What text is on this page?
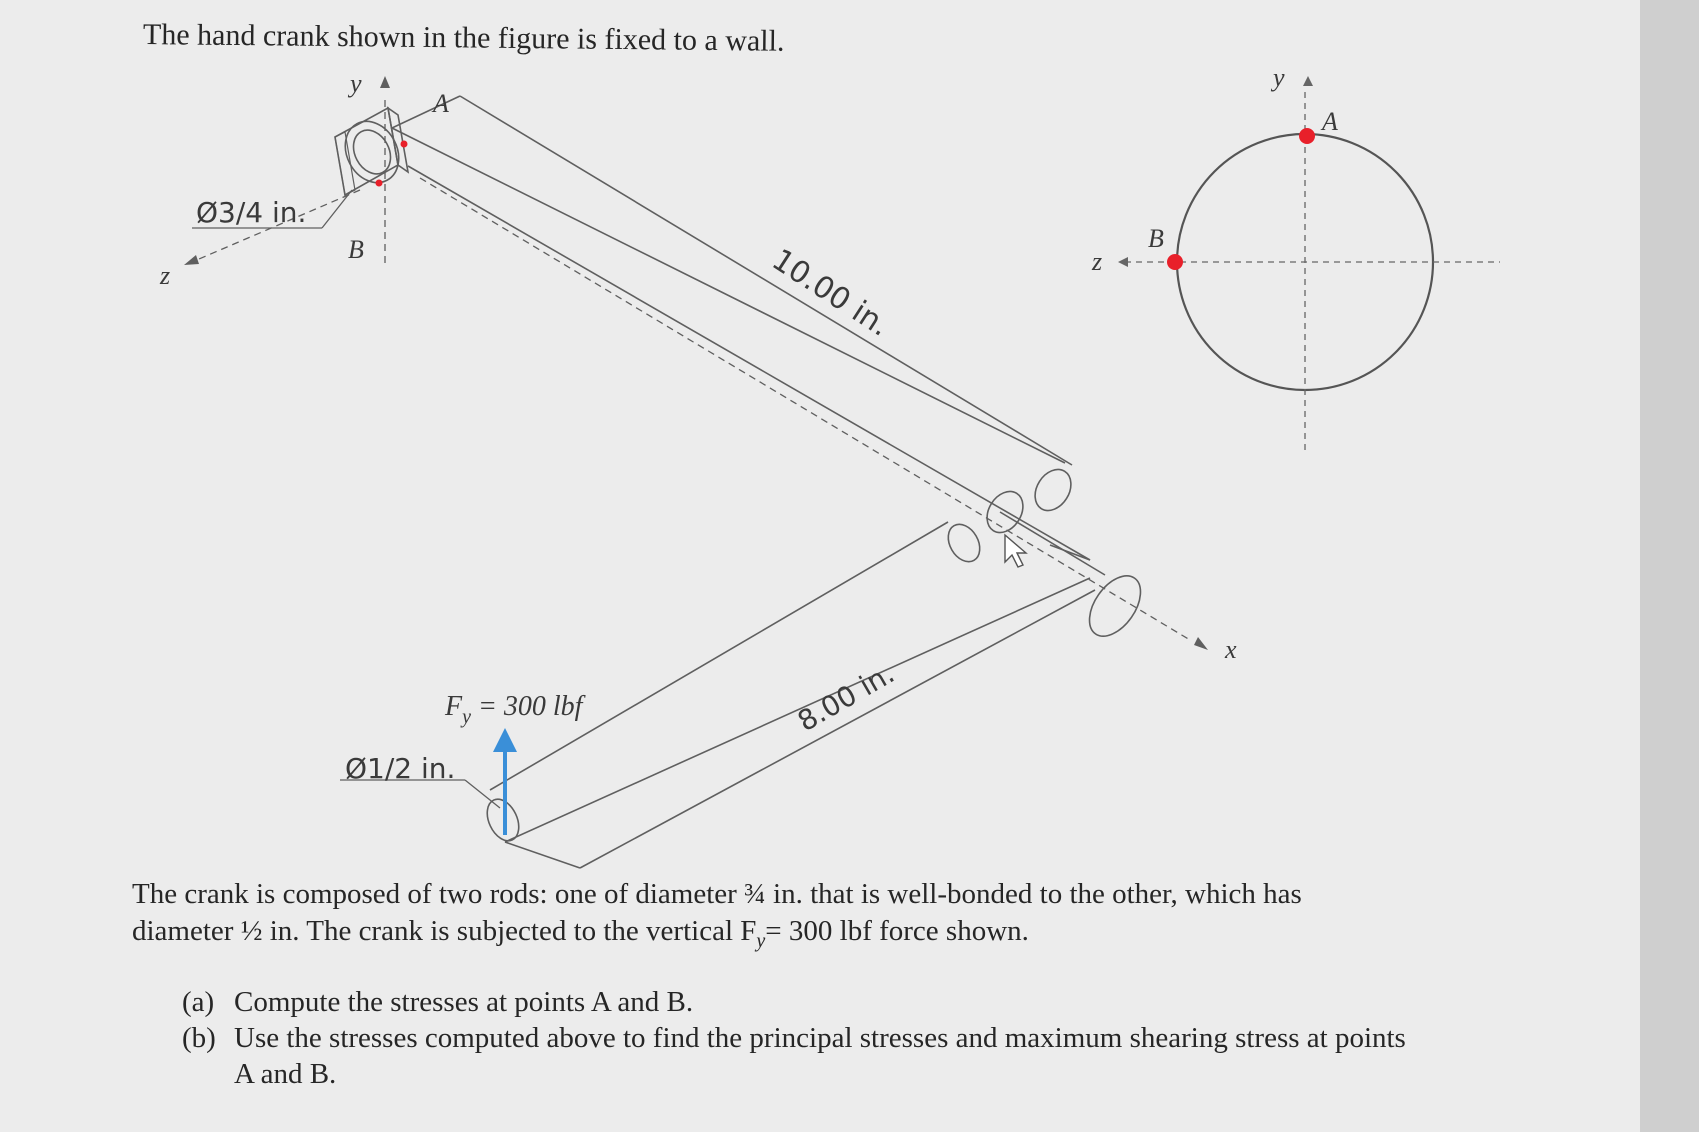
The hand crank shown in the figure is fixed to a wall.
y
A
B
z
Ø3/4 in.
Ø1/2 in.
10.00 in.
8.00 in.
x
$F_y = 300$ lbf
y
A
B
z

The crank is composed of two rods: one of diameter ¾ in. that is well-bonded to the other, which has

diameter ½ in. The crank is subjected to the vertical $F_y= 300$ lbf force shown.

(a) Compute the stresses at points A and B.
(b) Use the stresses computed above to find the principal stresses and maximum shearing stress at points A and B.
